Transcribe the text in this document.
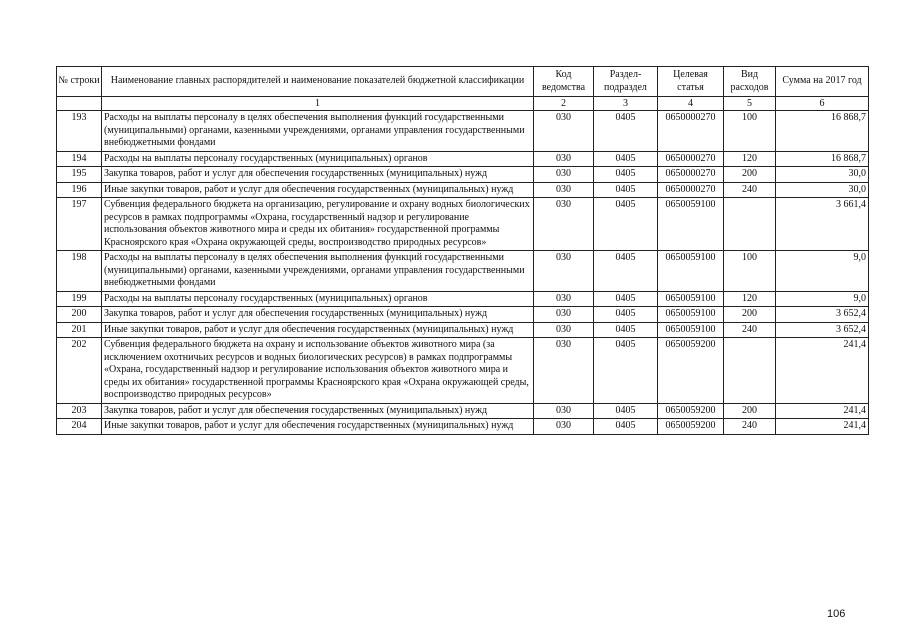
№ строки	Наименование главных распорядителей и наименование показателей бюджетной классификации	Код ведомства	Раздел-подраздел	Целевая статья	Вид расходов	Сумма на 2017 год
	1	2	3	4	5	6
193	Расходы на выплаты персоналу в целях обеспечения выполнения функций государственными (муниципальными) органами, казенными учреждениями, органами управления государственными внебюджетными фондами	030	0405	0650000270	100	16 868,7
194	Расходы на выплаты персоналу государственных (муниципальных) органов	030	0405	0650000270	120	16 868,7
195	Закупка товаров, работ и услуг для обеспечения государственных (муниципальных) нужд	030	0405	0650000270	200	30,0
196	Иные закупки товаров, работ и услуг для обеспечения государственных (муниципальных) нужд	030	0405	0650000270	240	30,0
197	Субвенция федерального бюджета на организацию, регулирование и охрану водных биологических ресурсов в рамках подпрограммы «Охрана, государственный надзор и регулирование использования объектов животного мира и среды их обитания» государственной программы Красноярского края «Охрана окружающей среды, воспроизводство природных ресурсов»	030	0405	0650059100		3 661,4
198	Расходы на выплаты персоналу в целях обеспечения выполнения функций государственными (муниципальными) органами, казенными учреждениями, органами управления государственными внебюджетными фондами	030	0405	0650059100	100	9,0
199	Расходы на выплаты персоналу государственных (муниципальных) органов	030	0405	0650059100	120	9,0
200	Закупка товаров, работ и услуг для обеспечения государственных (муниципальных) нужд	030	0405	0650059100	200	3 652,4
201	Иные закупки товаров, работ и услуг для обеспечения государственных (муниципальных) нужд	030	0405	0650059100	240	3 652,4
202	Субвенция федерального бюджета на охрану и использование объектов животного мира (за исключением охотничьих ресурсов и водных биологических ресурсов) в рамках подпрограммы «Охрана, государственный надзор и регулирование использования объектов животного мира и среды их обитания» государственной программы Красноярского края «Охрана окружающей среды, воспроизводство природных ресурсов»	030	0405	0650059200		241,4
203	Закупка товаров, работ и услуг для обеспечения государственных (муниципальных) нужд	030	0405	0650059200	200	241,4
204	Иные закупки товаров, работ и услуг для обеспечения государственных (муниципальных) нужд	030	0405	0650059200	240	241,4
106
